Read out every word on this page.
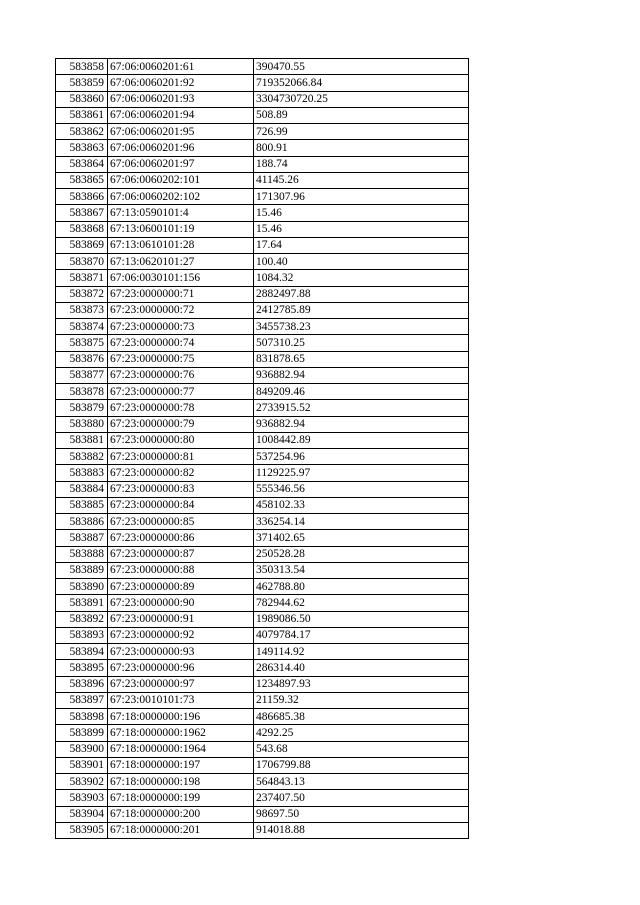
583858	67:06:0060201:61	390470.55
583859	67:06:0060201:92	719352066.84
583860	67:06:0060201:93	3304730720.25
583861	67:06:0060201:94	508.89
583862	67:06:0060201:95	726.99
583863	67:06:0060201:96	800.91
583864	67:06:0060201:97	188.74
583865	67:06:0060202:101	41145.26
583866	67:06:0060202:102	171307.96
583867	67:13:0590101:4	15.46
583868	67:13:0600101:19	15.46
583869	67:13:0610101:28	17.64
583870	67:13:0620101:27	100.40
583871	67:06:0030101:156	1084.32
583872	67:23:0000000:71	2882497.88
583873	67:23:0000000:72	2412785.89
583874	67:23:0000000:73	3455738.23
583875	67:23:0000000:74	507310.25
583876	67:23:0000000:75	831878.65
583877	67:23:0000000:76	936882.94
583878	67:23:0000000:77	849209.46
583879	67:23:0000000:78	2733915.52
583880	67:23:0000000:79	936882.94
583881	67:23:0000000:80	1008442.89
583882	67:23:0000000:81	537254.96
583883	67:23:0000000:82	1129225.97
583884	67:23:0000000:83	555346.56
583885	67:23:0000000:84	458102.33
583886	67:23:0000000:85	336254.14
583887	67:23:0000000:86	371402.65
583888	67:23:0000000:87	250528.28
583889	67:23:0000000:88	350313.54
583890	67:23:0000000:89	462788.80
583891	67:23:0000000:90	782944.62
583892	67:23:0000000:91	1989086.50
583893	67:23:0000000:92	4079784.17
583894	67:23:0000000:93	149114.92
583895	67:23:0000000:96	286314.40
583896	67:23:0000000:97	1234897.93
583897	67:23:0010101:73	21159.32
583898	67:18:0000000:196	486685.38
583899	67:18:0000000:1962	4292.25
583900	67:18:0000000:1964	543.68
583901	67:18:0000000:197	1706799.88
583902	67:18:0000000:198	564843.13
583903	67:18:0000000:199	237407.50
583904	67:18:0000000:200	98697.50
583905	67:18:0000000:201	914018.88
